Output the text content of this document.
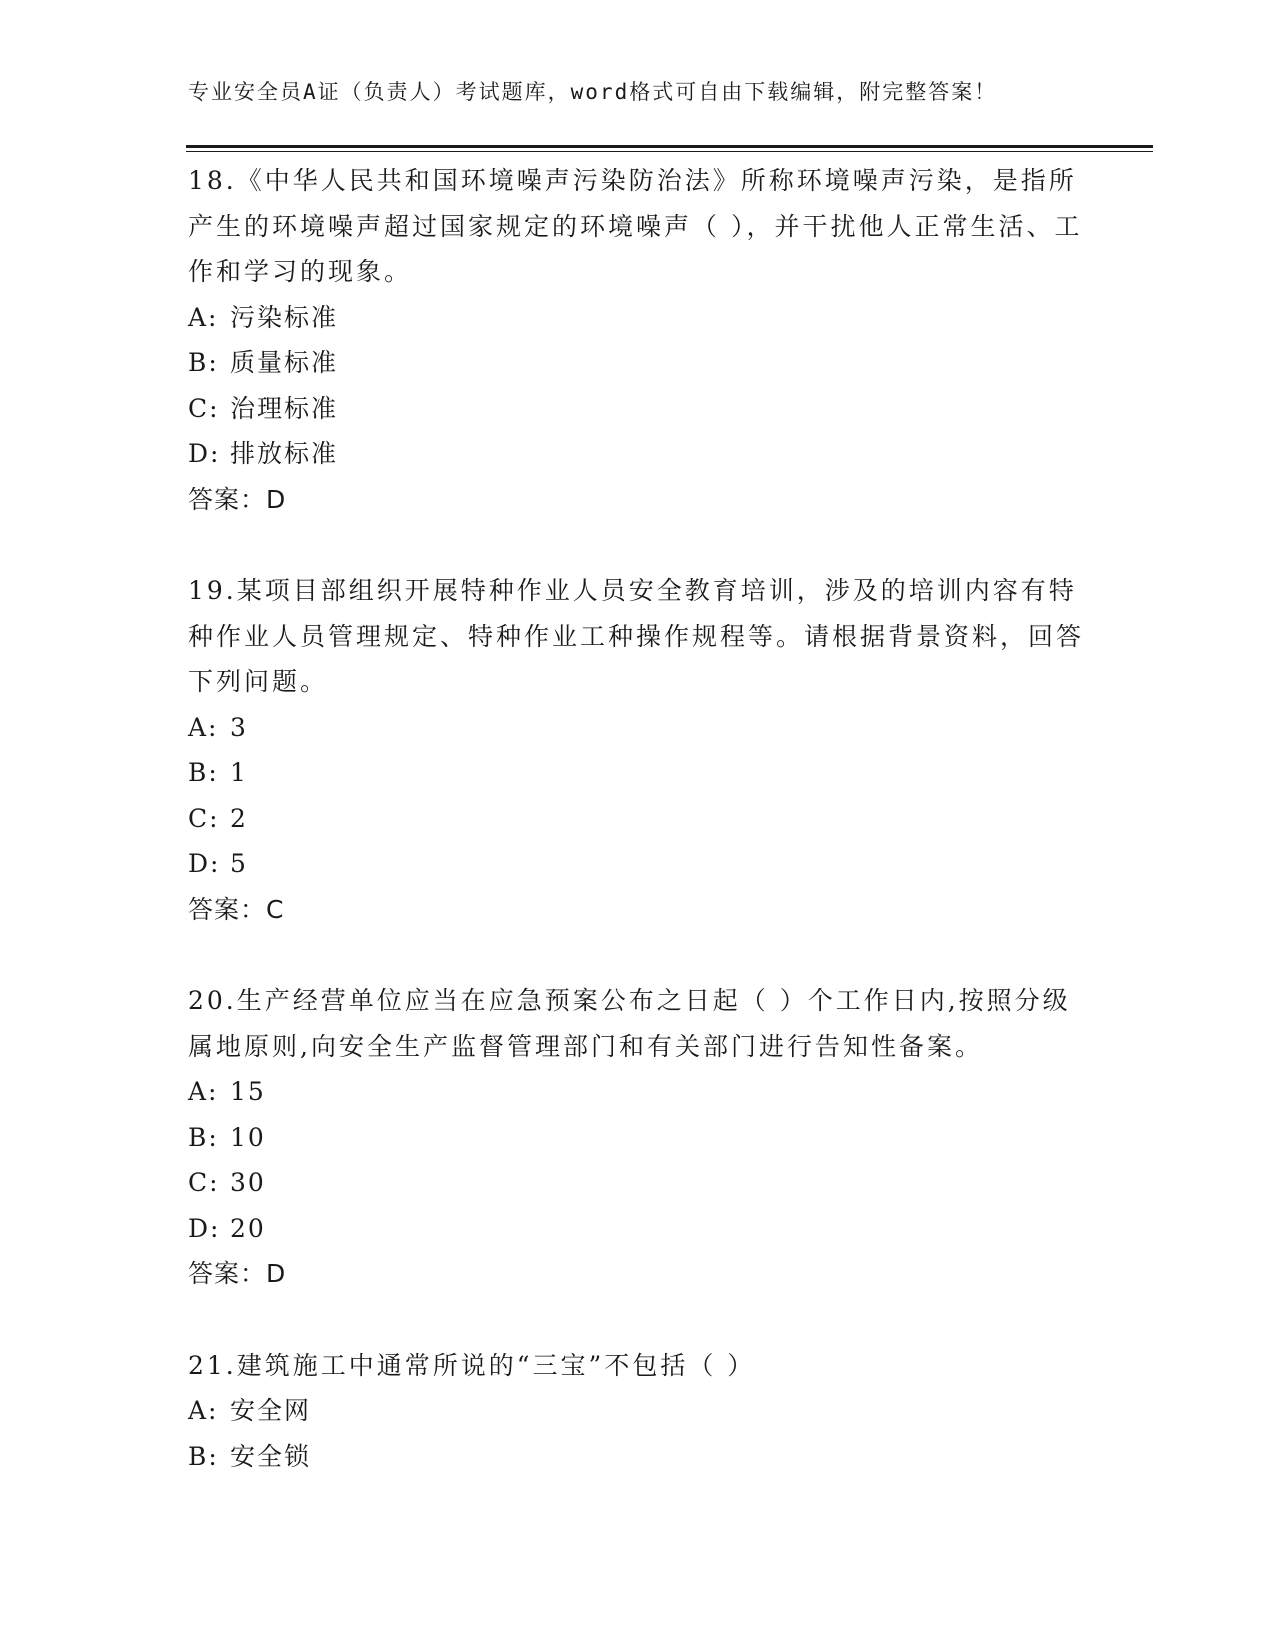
专业安全员A证（负责人）考试题库，word格式可自由下载编辑，附完整答案！
18.《中华人民共和国环境噪声污染防治法》所称环境噪声污染，是指所产生的环境噪声超过国家规定的环境噪声（ ），并干扰他人正常生活、工作和学习的现象。
A: 污染标准
B: 质量标准
C: 治理标准
D: 排放标准
答案：D
19.某项目部组织开展特种作业人员安全教育培训，涉及的培训内容有特种作业人员管理规定、特种作业工种操作规程等。请根据背景资料，回答下列问题。
A: 3
B: 1
C: 2
D: 5
答案：C
20.生产经营单位应当在应急预案公布之日起（ ）个工作日内,按照分级属地原则,向安全生产监督管理部门和有关部门进行告知性备案。
A: 15
B: 10
C: 30
D: 20
答案：D
21.建筑施工中通常所说的“三宝”不包括（ ）
A: 安全网
B: 安全锁
